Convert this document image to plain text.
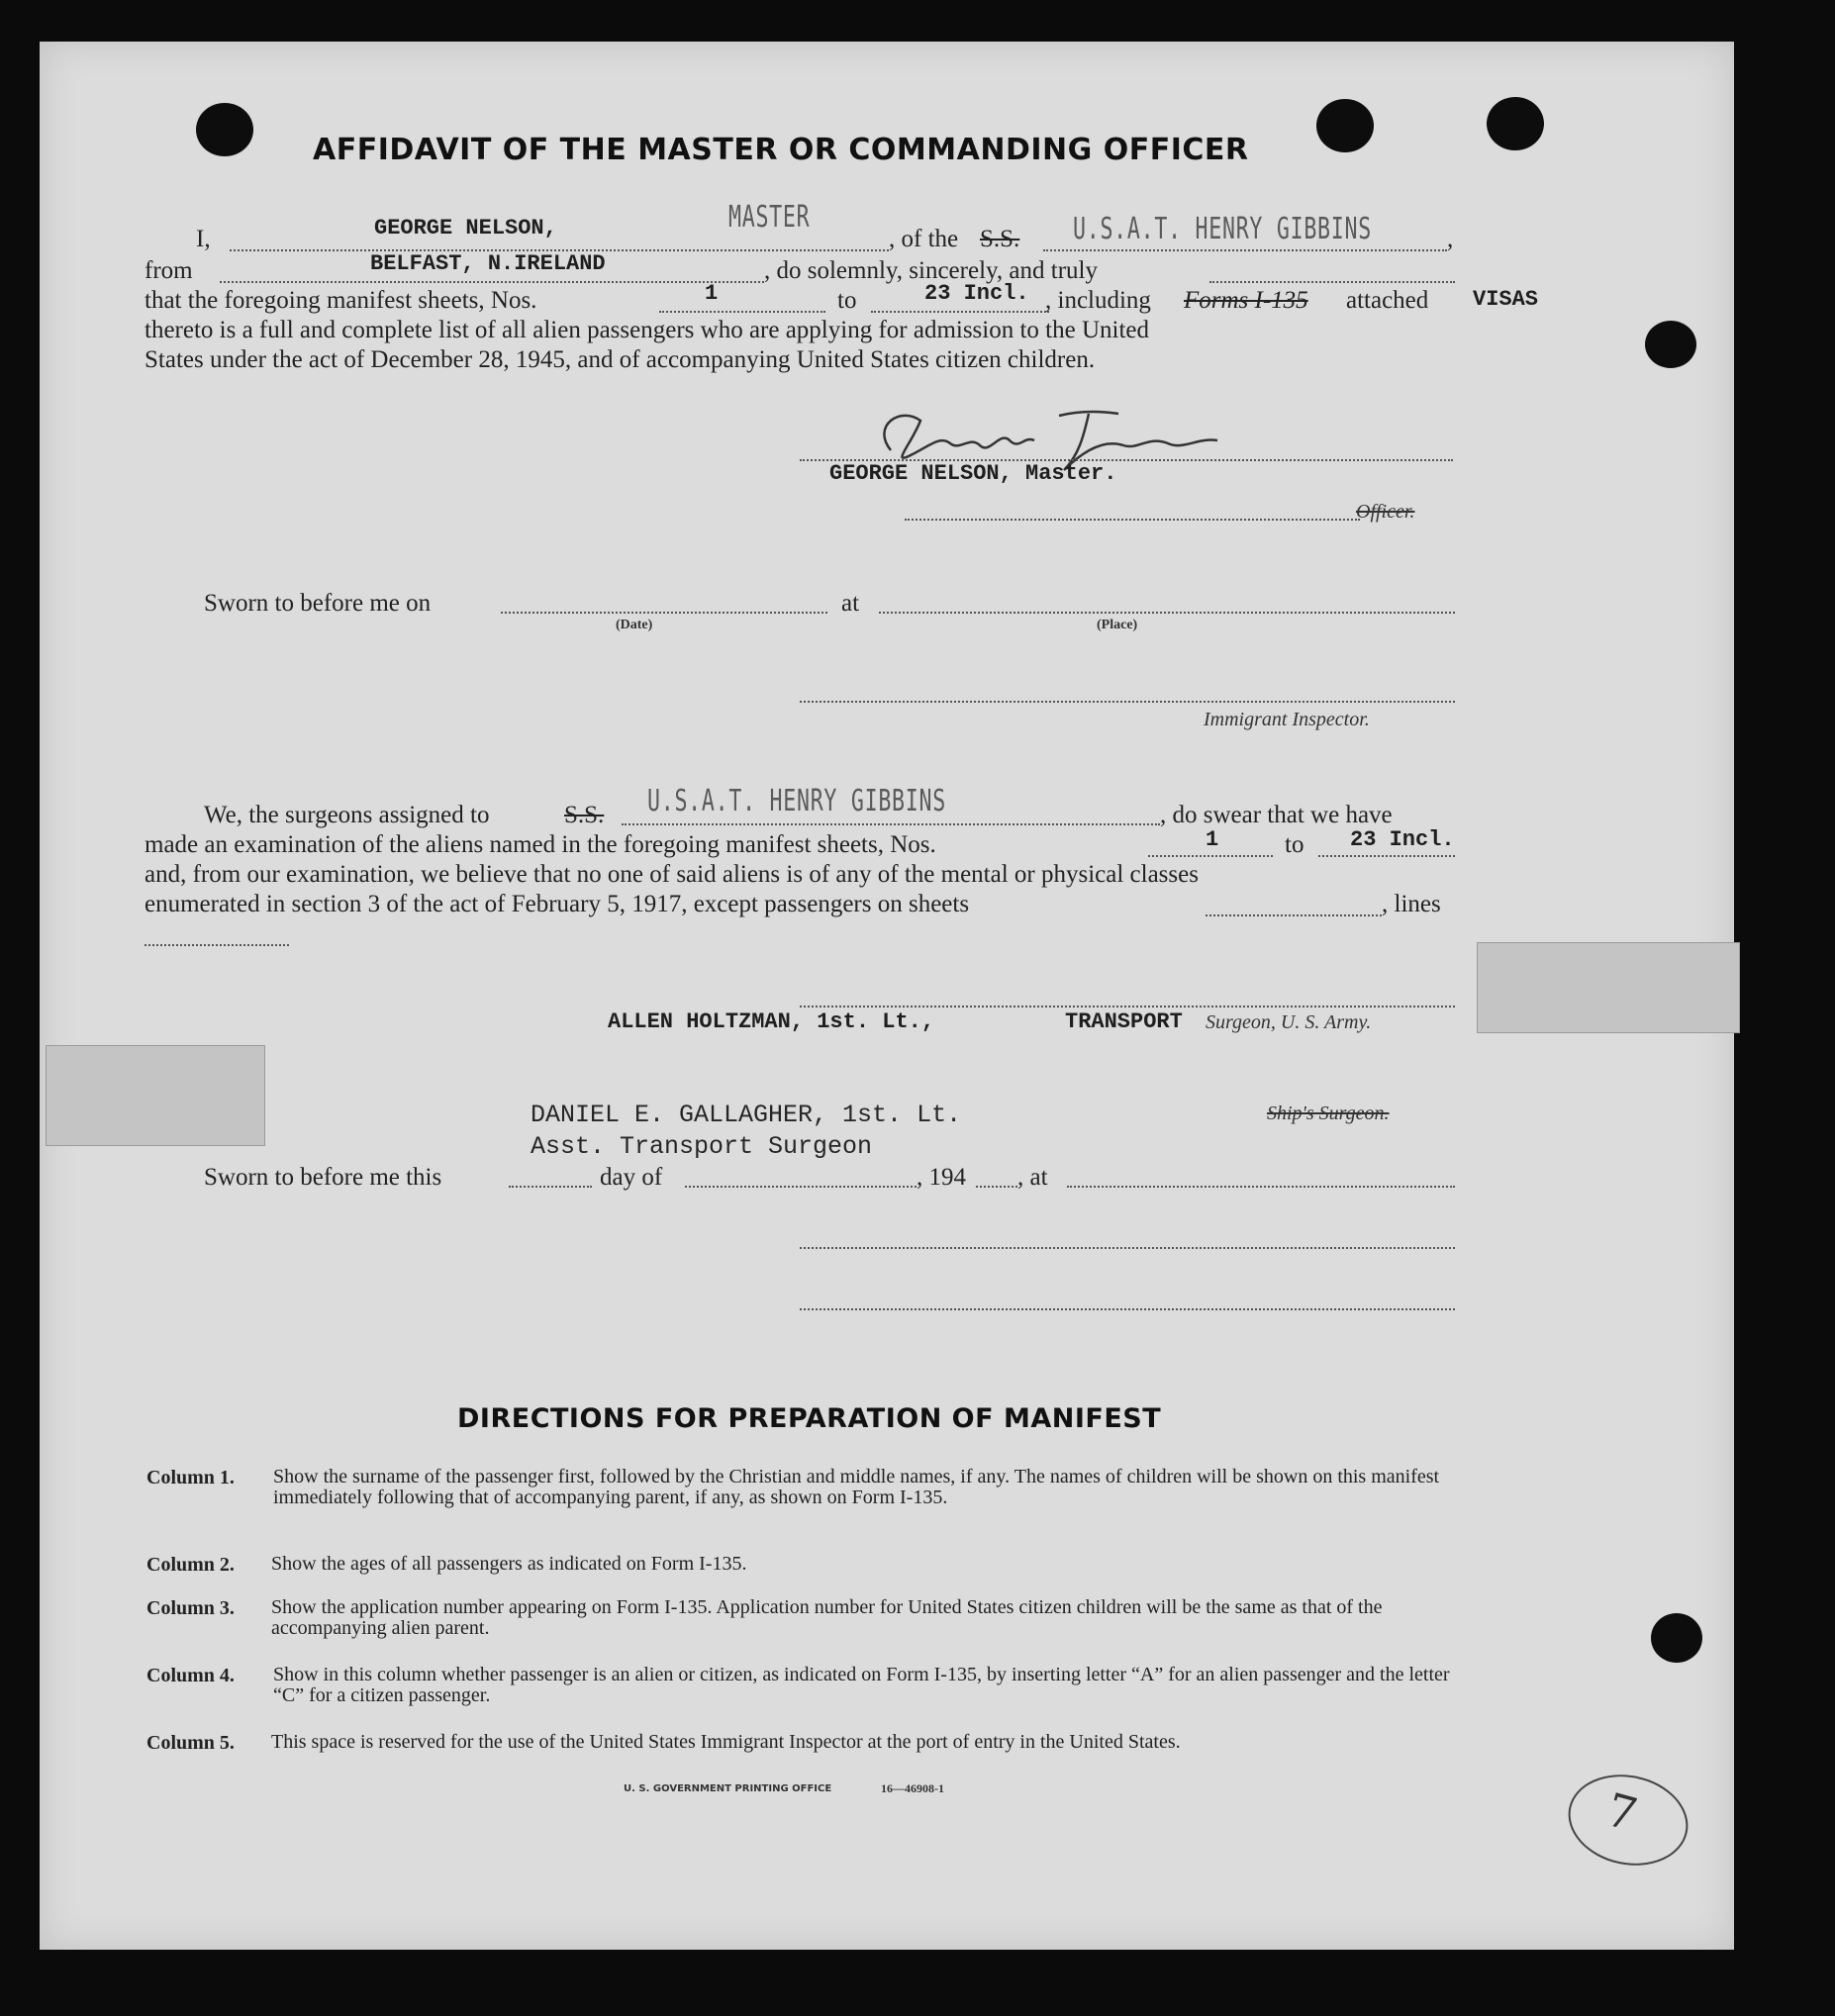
AFFIDAVIT OF THE MASTER OR COMMANDING OFFICER
I,	GEORGE NELSON,	MASTER
, of the S.S. U.S.A.T. HENRY GIBBINS	,
from	BELFAST, N.IRELAND	, do solemnly, sincerely, and truly
that the foregoing manifest sheets, Nos.	1	to	23 Incl. , including Forms I-135 attached VISAS
thereto is a full and complete list of all alien passengers who are applying for admission to the United
States under the act of December 28, 1945, and of accompanying United States citizen children.
GEORGE NELSON, Master.
Officer.
Sworn to before me on	at
(Date)	(Place)
Immigrant Inspector.
We, the surgeons assigned to	S.S. U.S.A.T. HENRY GIBBINS	, do swear that we have
made an examination of the aliens named in the foregoing manifest sheets, Nos.	1	to 23 Incl.
and, from our examination, we believe that no one of said aliens is of any of the mental or physical classes
enumerated in section 3 of the act of February 5, 1917, except passengers on sheets	, lines
ALLEN HOLTZMAN, 1st. Lt.,	TRANSPORT Surgeon, U. S. Army.
DANIEL E. GALLAGHER, 1st. Lt.
Asst. Transport Surgeon
Ship's Surgeon.
Sworn to before me this	day of	, 194 , at
DIRECTIONS FOR PREPARATION OF MANIFEST
Column 1. Show the surname of the passenger first, followed by the Christian and middle names, if any. The names of children will be shown on this manifest immediately following that of accompanying parent, if any, as shown on Form I-135.
Column 2. Show the ages of all passengers as indicated on Form I-135.
Column 3. Show the application number appearing on Form I-135. Application number for United States citizen children will be the same as that of the accompanying alien parent.
Column 4. Show in this column whether passenger is an alien or citizen, as indicated on Form I-135, by inserting letter “A” for an alien passenger and the letter “C” for a citizen passenger.
Column 5. This space is reserved for the use of the United States Immigrant Inspector at the port of entry in the United States.
U. S. GOVERNMENT PRINTING OFFICE	16—46908-1	7
